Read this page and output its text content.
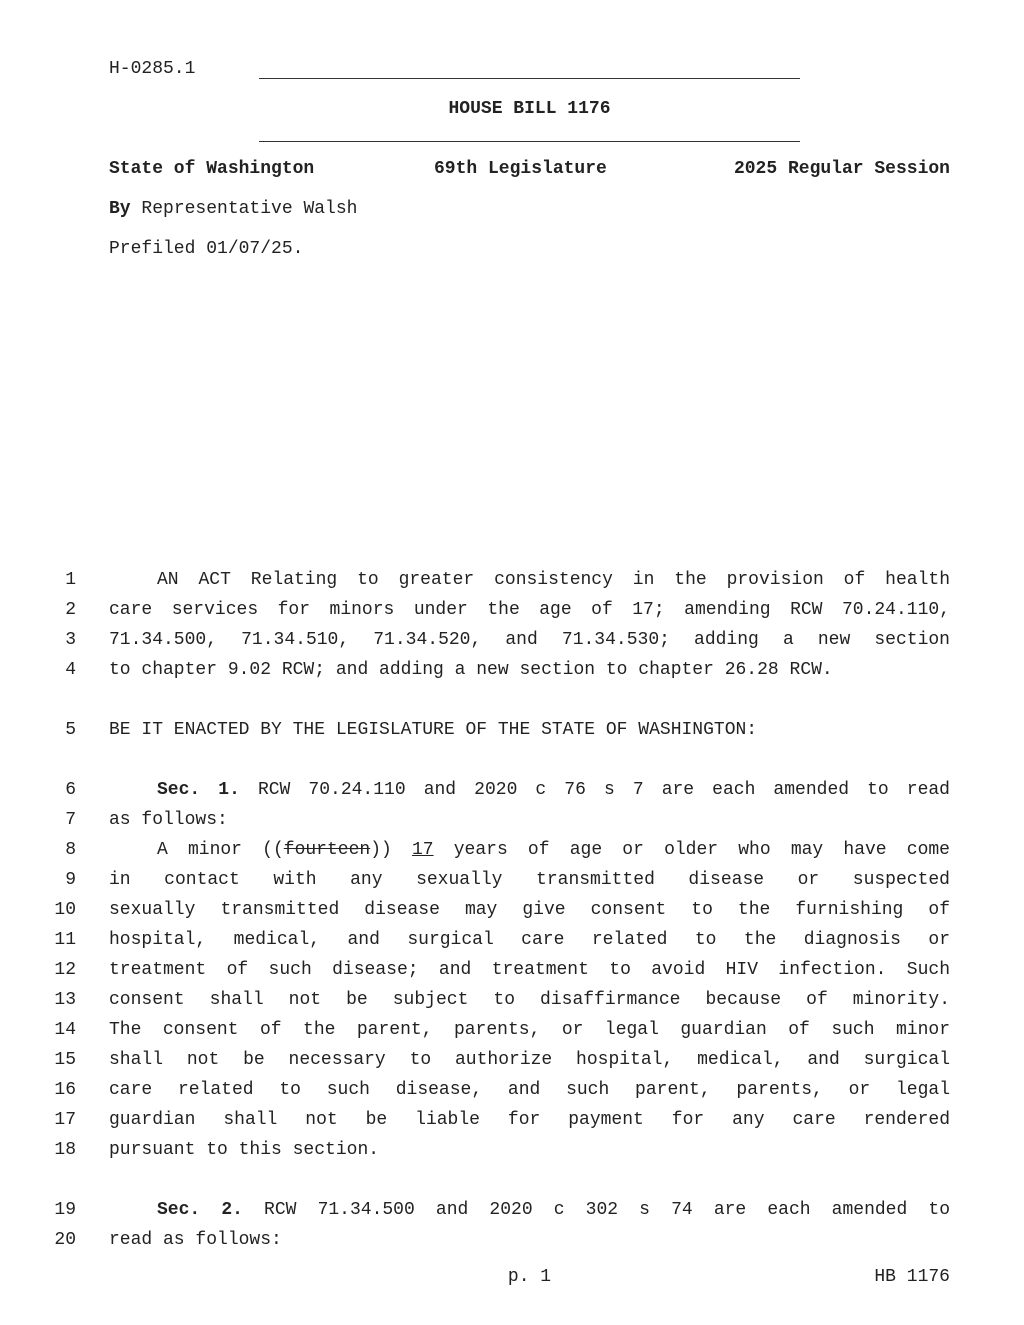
H-0285.1
HOUSE BILL 1176
State of Washington	69th Legislature	2025 Regular Session
By Representative Walsh
Prefiled 01/07/25.
1	AN ACT Relating to greater consistency in the provision of health
2 care services for minors under the age of 17; amending RCW 70.24.110,
3 71.34.500, 71.34.510, 71.34.520, and 71.34.530; adding a new section
4 to chapter 9.02 RCW; and adding a new section to chapter 26.28 RCW.
5 BE IT ENACTED BY THE LEGISLATURE OF THE STATE OF WASHINGTON:
6	Sec. 1. RCW 70.24.110 and 2020 c 76 s 7 are each amended to read
7 as follows:
8	A minor ((fourteen)) 17 years of age or older who may have come
9 in contact with any sexually transmitted disease or suspected
10 sexually transmitted disease may give consent to the furnishing of
11 hospital, medical, and surgical care related to the diagnosis or
12 treatment of such disease; and treatment to avoid HIV infection. Such
13 consent shall not be subject to disaffirmance because of minority.
14 The consent of the parent, parents, or legal guardian of such minor
15 shall not be necessary to authorize hospital, medical, and surgical
16 care related to such disease, and such parent, parents, or legal
17 guardian shall not be liable for payment for any care rendered
18 pursuant to this section.
19	Sec. 2. RCW 71.34.500 and 2020 c 302 s 74 are each amended to
20 read as follows:
p. 1	HB 1176
